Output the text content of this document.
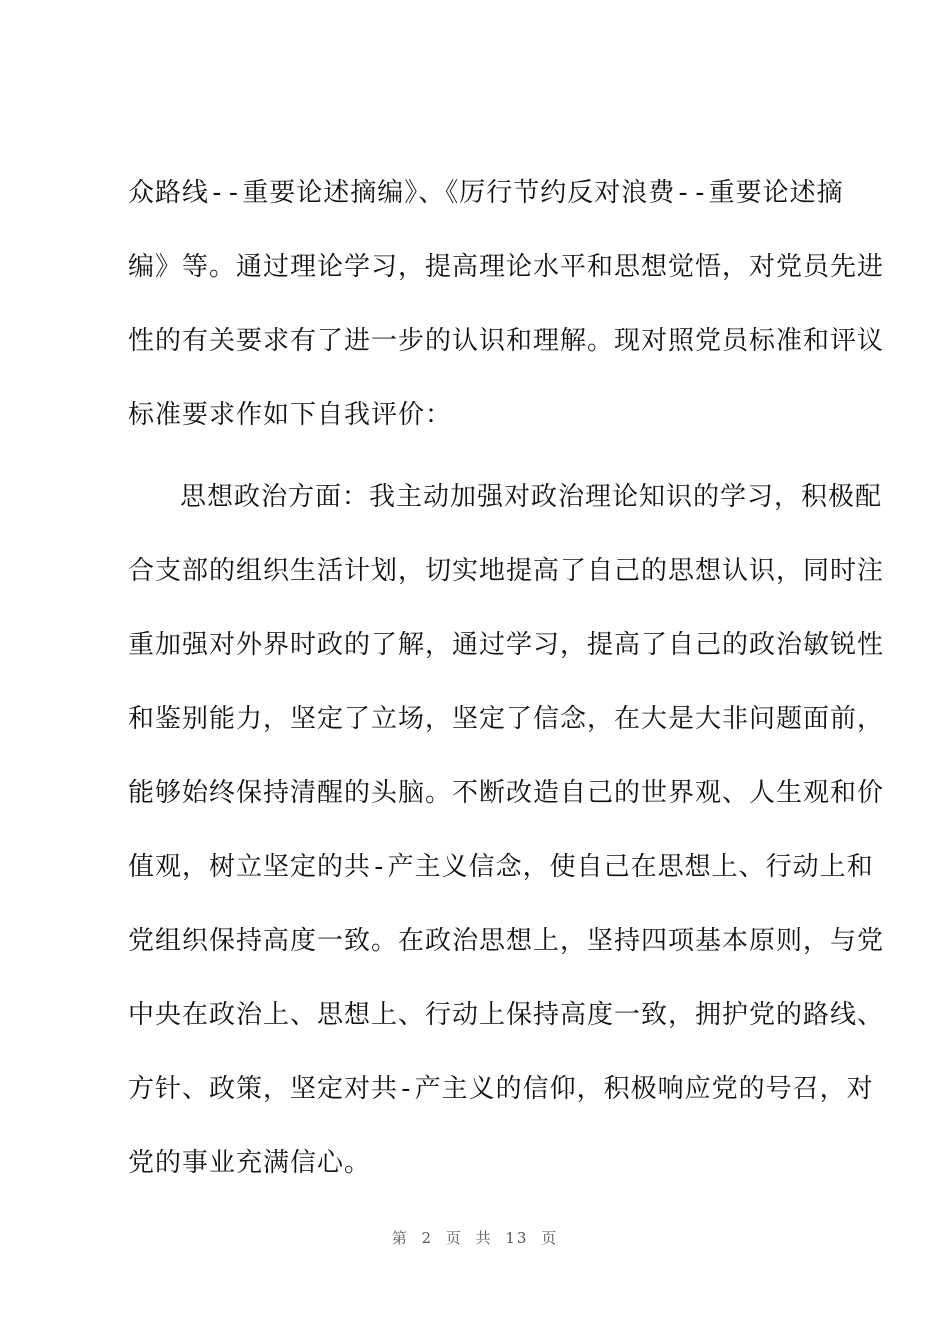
众路线--重要论述摘编》、《厉行节约反对浪费--重要论述摘
编》等。通过理论学习，提高理论水平和思想觉悟，对党员先进
性的有关要求有了进一步的认识和理解。现对照党员标准和评议
标准要求作如下自我评价：
思想政治方面：我主动加强对政治理论知识的学习，积极配
合支部的组织生活计划，切实地提高了自己的思想认识，同时注
重加强对外界时政的了解，通过学习，提高了自己的政治敏锐性
和鉴别能力，坚定了立场，坚定了信念，在大是大非问题面前，
能够始终保持清醒的头脑。不断改造自己的世界观、人生观和价
值观，树立坚定的共-产主义信念，使自己在思想上、行动上和
党组织保持高度一致。在政治思想上，坚持四项基本原则，与党
中央在政治上、思想上、行动上保持高度一致，拥护党的路线、
方针、政策，坚定对共-产主义的信仰，积极响应党的号召，对
党的事业充满信心。
第 2 页 共 13 页
